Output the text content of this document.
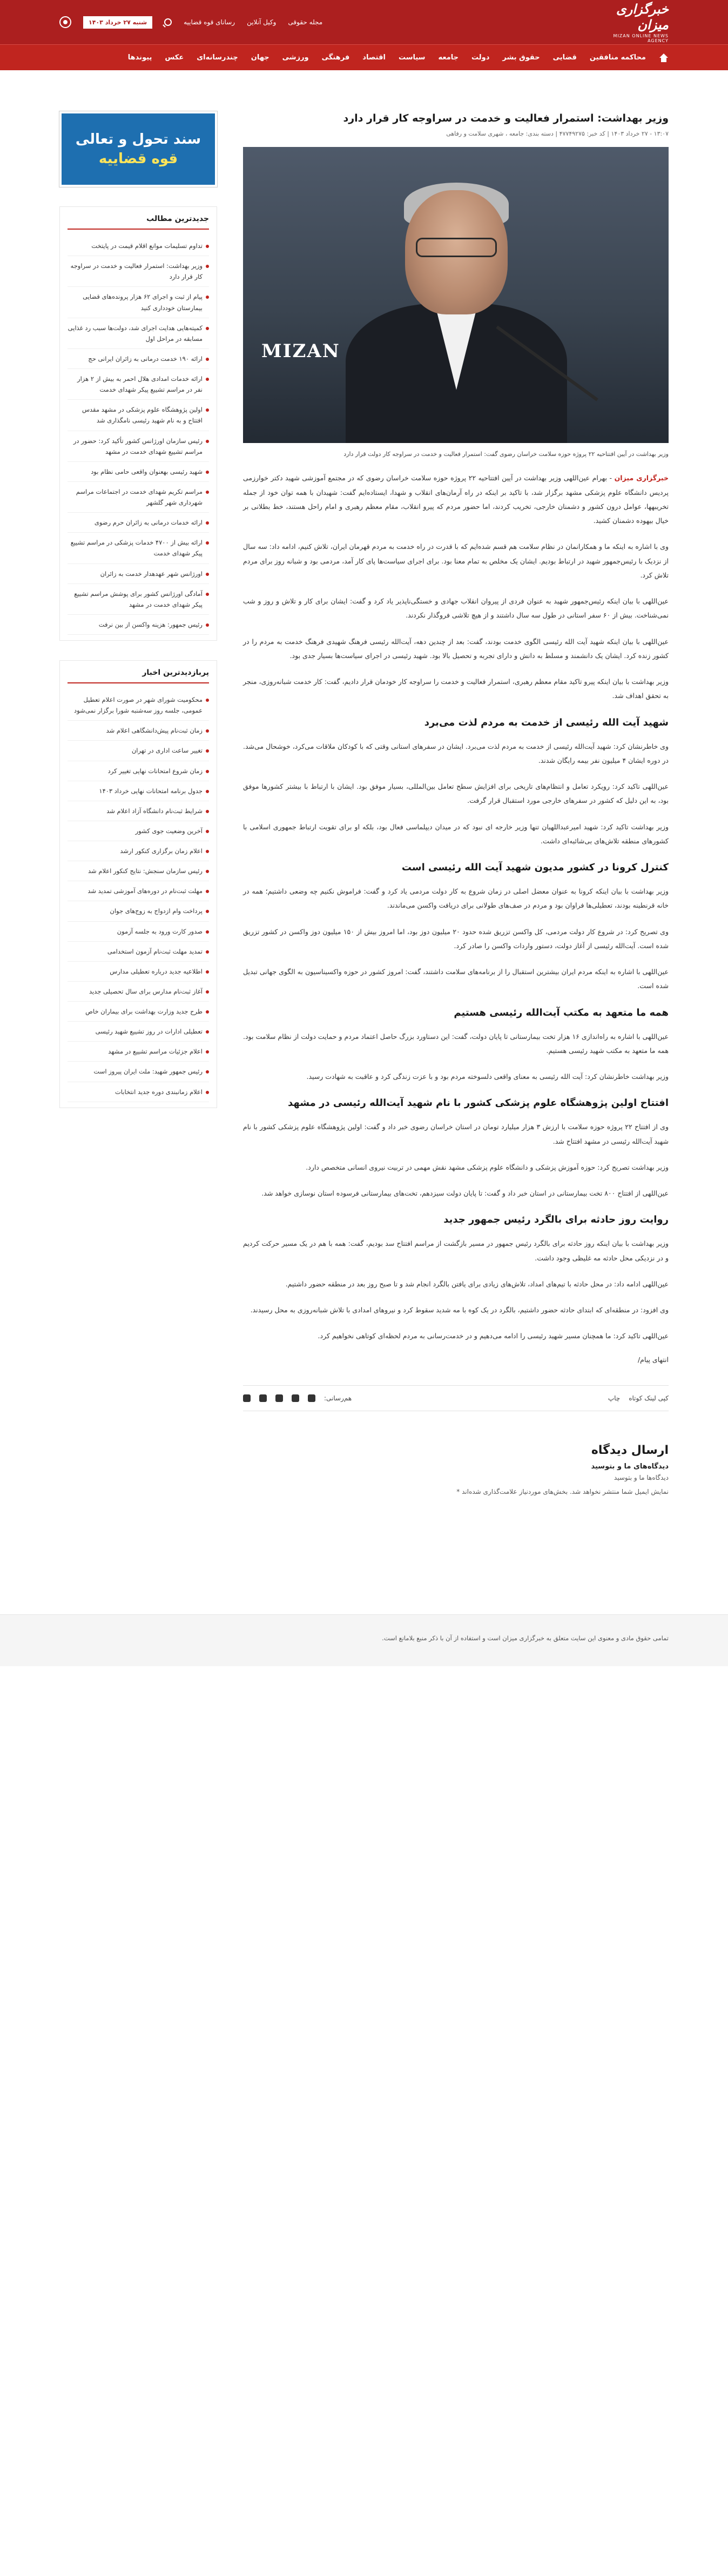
خبرگزاری میزان
MIZAN ONLINE NEWS AGENCY
مجله حقوقی
وکیل آنلاین
رسانای قوه قضاییه
شنبه ۲۷ خرداد ۱۴۰۳
محاکمه منافقین
قضایی
حقوق بشر
دولت
جامعه
سیاست
اقتصاد
فرهنگی
ورزشی
جهان
چندرسانه‌ای
عکس
پیوندها
وزیر بهداشت: استمرار فعالیت و خدمت در سراوجه کار قرار دارد
۱۳:۰۷ - ۲۷ خرداد ۱۴۰۳ | کد خبر: ۴۷۷۴۹۲۷۵ | دسته بندی: جامعه ، شهری سلامت و رفاهی
MIZAN

وزیر بهداشت در آیین افتتاحیه ۲۲ پروژه حوزه سلامت خراسان رضوی گفت: استمرار فعالیت و خدمت در سراوجه کار دولت قرار دارد

خبرگزاری میزان - بهرام عین‌اللهی وزیر بهداشت در آیین افتتاحیه ۲۲ پروژه حوزه سلامت خراسان رضوی که در مجتمع آموزشی شهید دکتر خوارزمی پردیس دانشگاه علوم پزشکی مشهد برگزار شد، با تاکید بر اینکه در راه آرمان‌های انقلاب و شهدا، ایستاده‌ایم گفت: شهیدان با همه توان خود از جمله تخریبهها، عوامل درون کشور و دشمنان خارجی، تخریب کردند، اما حضور مردم که پیرو انقلاب، مقام معظم رهبری و امام راحل هستند، خط بطلانی بر خیال بیهوده دشمنان کشید.

وی با اشاره به اینکه ما و همکارانمان در نظام سلامت هم قسم شده‌ایم که با قدرت در راه خدمت به مردم قهرمان ایران، تلاش کنیم، ادامه داد: سه سال از نزدیک با رئیس‌جمهور شهید در ارتباط بودیم. ایشان یک مخلص به تمام معنا بود. برای اجرای سیاست‌ها پای کار آمد، مردمی بود و شبانه روز برای مردم تلاش کرد.

عین‌اللهی با بیان اینکه رئیس‌جمهور شهید به عنوان فردی از پیروان انقلاب جهادی و خستگی‌ناپذیر یاد کرد و گفت: ایشان برای کار و تلاش و روز و شب نمی‌شناخت. بیش از ۶۰ سفر استانی در طول سه سال داشتند و از هیچ تلاشی فروگذار نکردند.

عین‌اللهی با بیان اینکه شهید آیت الله رئیسی الگوی خدمت بودند، گفت: بعد از چندین دهه، آیت‌الله رئیسی فرهنگ شهیدی فرهنگ خدمت به مردم را در کشور زنده کرد. ایشان یک دانشمند و مسلط به دانش و دارای تجربه و تحصیل بالا بود. شهید رئیسی در اجرای سیاست‌ها بسیار جدی بود.

وزیر بهداشت با بیان اینکه پیرو تاکید مقام معظم رهبری، استمرار فعالیت و خدمت را سراوجه کار خودمان قرار دادیم، گفت: کار خدمت شبانه‌روزی، منجر به تحقق اهداف شد.

شهید آیت الله رئیسی از خدمت به مردم لذت می‌برد

وی خاطرنشان کرد: شهید آیت‌الله رئیسی از خدمت به مردم لذت می‌برد. ایشان در سفرهای استانی وقتی که با کودکان ملاقات می‌کرد، خوشحال می‌شد. در دوره ایشان ۴ میلیون نفر بیمه رایگان شدند.

عین‌اللهی تاکید کرد: رویکرد تعامل و انتظام‌های تاریخی برای افزایش سطح تعامل بین‌المللی، بسیار موفق بود. ایشان با ارتباط با بیشتر کشورها موفق بود، به این دلیل که کشور در سفرهای خارجی مورد استقبال قرار گرفت.

وزیر بهداشت تاکید کرد: شهید امیرعبداللهیان تنها وزیر خارجه ای نبود که در میدان دیپلماسی فعال بود، بلکه او برای تقویت ارتباط جمهوری اسلامی با کشورهای منطقه تلاش‌های بی‌شائبه‌ای داشت.

کنترل کرونا در کشور مدیون شهید آیت الله رئیسی است

وزیر بهداشت با بیان اینکه کرونا به عنوان معضل اصلی در زمان شروع به کار دولت مردمی یاد کرد و گفت: فراموش نکنیم چه وضعی داشتیم؛ همه در خانه قرنطینه بودند، تعطیلی‌ها فراوان بود و مردم در صف‌های طولانی برای دریافت واکسن می‌ماندند.

وی تصریح کرد: در شروع کار دولت مردمی، کل واکسن تزریق شده حدود ۲۰ میلیون دوز بود، اما امروز بیش از ۱۵۰ میلیون دوز واکسن در کشور تزریق شده است. آیت‌الله رئیسی از آغاز دولت، دستور واردات واکسن را صادر کرد.

عین‌اللهی با اشاره به اینکه مردم ایران بیشترین استقبال را از برنامه‌های سلامت داشتند، گفت: امروز کشور در حوزه واکسیناسیون به الگوی جهانی تبدیل شده است.

همه ما متعهد به مکتب آیت‌الله رئیسی هستیم

عین‌اللهی با اشاره به راه‌اندازی ۱۶ هزار تخت بیمارستانی تا پایان دولت، گفت: این دستاورد بزرگ حاصل اعتماد مردم و حمایت دولت از نظام سلامت بود. همه ما متعهد به مکتب شهید رئیسی هستیم.

وزیر بهداشت خاطرنشان کرد: آیت الله رئیسی به معنای واقعی دلسوخته مردم بود و با عزت زندگی کرد و عاقبت به شهادت رسید.

افتتاح اولین پژوهشگاه علوم پزشکی کشور با نام شهید آیت‌الله رئیسی در مشهد

وی از افتتاح ۲۲ پروژه حوزه سلامت با ارزش ۳ هزار میلیارد تومان در استان خراسان رضوی خبر داد و گفت: اولین پژوهشگاه علوم پزشکی کشور با نام شهید آیت‌الله رئیسی در مشهد افتتاح شد.

وزیر بهداشت تصریح کرد: حوزه آموزش پزشکی و دانشگاه علوم پزشکی مشهد نقش مهمی در تربیت نیروی انسانی متخصص دارد.

عین‌اللهی از افتتاح ۸۰۰ تخت بیمارستانی در استان خبر داد و گفت: تا پایان دولت سیزدهم، تخت‌های بیمارستانی فرسوده استان نوسازی خواهد شد.

روایت روز حادثه برای بالگرد رئیس جمهور جدید

وزیر بهداشت با بیان اینکه روز حادثه برای بالگرد رئیس جمهور در مسیر بازگشت از مراسم افتتاح سد بودیم، گفت: همه با هم در یک مسیر حرکت کردیم و در نزدیکی محل حادثه مه غلیظی وجود داشت.

عین‌اللهی ادامه داد: در محل حادثه با تیم‌های امداد، تلاش‌های زیادی برای یافتن بالگرد انجام شد و تا صبح روز بعد در منطقه حضور داشتیم.

وی افزود: در منطقه‌ای که ابتدای حادثه حضور داشتیم، بالگرد در یک کوه با مه شدید سقوط کرد و نیروهای امدادی با تلاش شبانه‌روزی به محل رسیدند.

عین‌اللهی تاکید کرد: ما همچنان مسیر شهید رئیسی را ادامه می‌دهیم و در خدمت‌رسانی به مردم لحظه‌ای کوتاهی نخواهیم کرد.

انتهای پیام/

کپی لینک کوتاه
چاپ
هم‌رسانی:
ارسال دیدگاه
دیدگاه‌های ما و بتوسید
دیدگاه‌ها ما و بتوسید
نمایش ایمیل شما منتشر نخواهد شد. بخش‌های موردنیاز علامت‌گذاری شده‌اند *
سند تحول و تعالی
قوه قضاییه
جدیدترین مطالب
تداوم تسلیمات موانع اقلام قیمت در پایتخت
وزیر بهداشت: استمرار فعالیت و خدمت در سراوجه کار قرار دارد
پیام از ثبت و اجرای ۶۲ هزار پرونده‌های قضایی بیمارستان خودداری کنید
کمیته‌هایی هدایت اجرای شد، دولت‌ها سبب رد غذایی مسابقه در مراحل اول
ارائه ۱۹۰ خدمت درمانی به زائران ایرانی حج
ارائه خدمات امدادی هلال احمر به بیش از ۲ هزار نفر در مراسم تشییع پیکر شهدای خدمت
اولین پژوهشگاه علوم پزشکی در مشهد مقدس افتتاح و به نام شهید رئیسی نامگذاری شد
رئیس سازمان اورژانس کشور تأکید کرد: حضور در مراسم تشییع شهدای خدمت در مشهد
شهید رئیسی بهعنوان واقعی حامی نظام بود
مراسم تکریم شهدای خدمت در اجتماعات مراسم شهرداری شهر گلشهر
ارائه خدمات درمانی به زائران حرم رضوی
ارائه بیش از ۴۷۰۰ خدمات پزشکی در مراسم تشییع پیکر شهدای خدمت
اورژانس شهر عهدهدار خدمت به زائران
آمادگی اورژانس کشور برای پوشش مراسم تشییع پیکر شهدای خدمت در مشهد
رئیس جمهور: هزینه واکسن از بین نرفت
پربازدیدترین اخبار
محکومیت شورای شهر در صورت اعلام تعطیل عمومی، جلسه روز سه‌شنبه شورا برگزار نمی‌شود
زمان ثبت‌نام پیش‌دانشگاهی اعلام شد
تغییر ساعت اداری در تهران
زمان شروع امتحانات نهایی تغییر کرد
جدول برنامه امتحانات نهایی خرداد ۱۴۰۳
شرایط ثبت‌نام دانشگاه آزاد اعلام شد
آخرین وضعیت جوی کشور
اعلام زمان برگزاری کنکور ارشد
رئیس سازمان سنجش: نتایج کنکور اعلام شد
مهلت ثبت‌نام در دوره‌های آموزشی تمدید شد
پرداخت وام ازدواج به زوج‌های جوان
صدور کارت ورود به جلسه آزمون
تمدید مهلت ثبت‌نام آزمون استخدامی
اطلاعیه جدید درباره تعطیلی مدارس
آغاز ثبت‌نام مدارس برای سال تحصیلی جدید
طرح جدید وزارت بهداشت برای بیماران خاص
تعطیلی ادارات در روز تشییع شهید رئیسی
اعلام جزئیات مراسم تشییع در مشهد
رئیس جمهور شهید: ملت ایران پیروز است
اعلام زمانبندی دوره جدید انتخابات
تمامی حقوق مادی و معنوی این سایت متعلق به خبرگزاری میزان است و استفاده از آن با ذکر منبع بلامانع است.
